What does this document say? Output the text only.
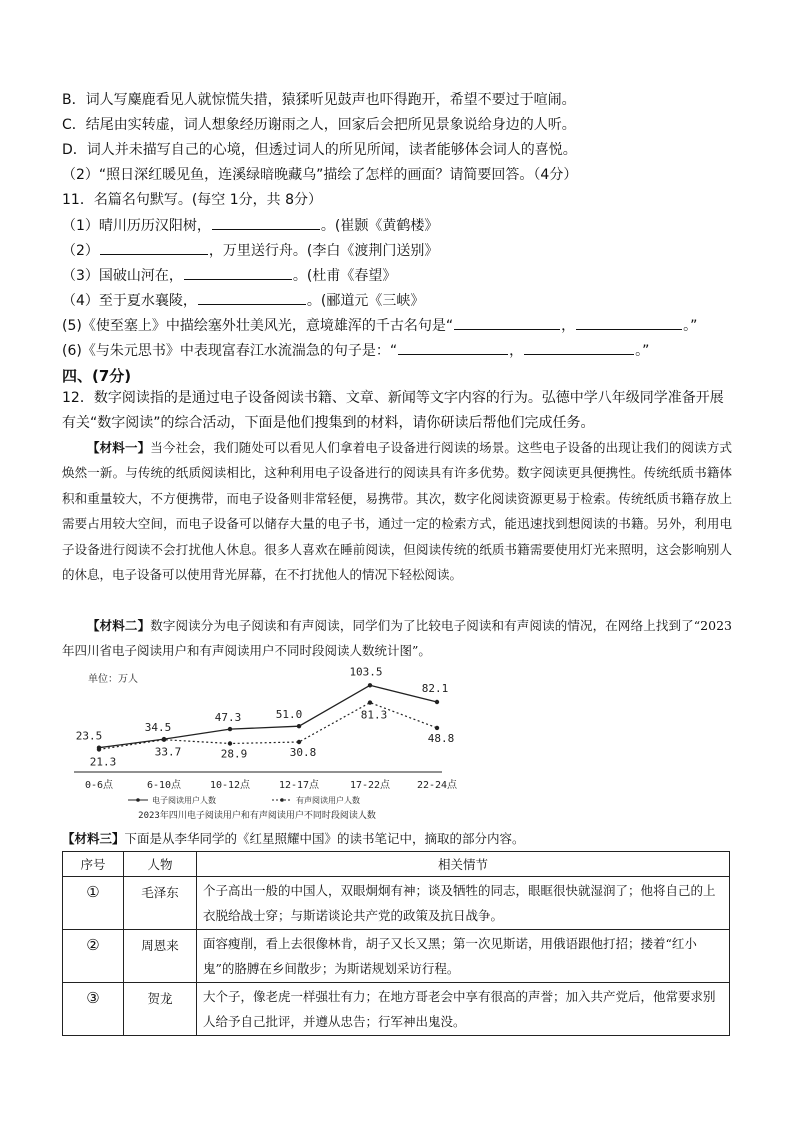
B．词人写麋鹿看见人就惊慌失措，猿猱听见鼓声也吓得跑开，希望不要过于喧闹。
C．结尾由实转虚，词人想象经历谢雨之人，回家后会把所见景象说给身边的人听。
D．词人并未描写自己的心境，但透过词人的所见所闻，读者能够体会词人的喜悦。
（2）“照日深红暖见鱼，连溪绿暗晚藏乌”描绘了怎样的画面？请简要回答。（4分）
11．名篇名句默写。(每空 1分，共 8分）
（1）晴川历历汉阳树，	。(崔颢《黄鹤楼》
（2）	，万里送行舟。(李白《渡荆门送别》
（3）国破山河在，	。(杜甫《春望》
（4）至于夏水襄陵，	。(郦道元《三峡》
(5)《使至塞上》中描绘塞外壮美风光，意境雄浑的千古名句是“	，	。”
(6)《与朱元思书》中表现富春江水流湍急的句子是：“	，	。”
四、(7分)
12．数字阅读指的是通过电子设备阅读书籍、文章、新闻等文字内容的行为。弘德中学八年级同学准备开展
有关“数字阅读”的综合活动，下面是他们搜集到的材料，请你研读后帮他们完成任务。
【材料一】当今社会，我们随处可以看见人们拿着电子设备进行阅读的场景。这些电子设备的出现让我们的阅读方式焕然一新。与传统的纸质阅读相比，这种利用电子设备进行的阅读具有许多优势。数字阅读更具便携性。传统纸质书籍体积和重量较大，不方便携带，而电子设备则非常轻便，易携带。其次，数字化阅读资源更易于检索。传统纸质书籍存放上需要占用较大空间，而电子设备可以储存大量的电子书，通过一定的检索方式，能迅速找到想阅读的书籍。另外，利用电子设备进行阅读不会打扰他人休息。很多人喜欢在睡前阅读，但阅读传统的纸质书籍需要使用灯光来照明，这会影响别人的休息，电子设备可以使用背光屏幕，在不打扰他人的情况下轻松阅读。
【材料二】数字阅读分为电子阅读和有声阅读，同学们为了比较电子阅读和有声阅读的情况，在网络上找到了“2023年四川省电子阅读用户和有声阅读用户不同时段阅读人数统计图”。
单位：万人
0-6点	6-10点	10-12点	12-17点	17-22点	22-24点
23.5
34.5
47.3	51.0
103.5
82.1
21.3
33.7	28.9	30.8
81.3
48.8
电子阅读用户人数	有声阅读用户人数
2023年四川电子阅读用户和有声阅读用户不同时段阅读人数
【材料三】下面是从李华同学的《红星照耀中国》的读书笔记中，摘取的部分内容。
序号	人物	相关情节
①	毛泽东	个子高出一般的中国人，双眼炯炯有神；谈及牺牲的同志，眼眶很快就湿润了；他将自己的上衣脱给战士穿；与斯诺谈论共产党的政策及抗日战争。
②	周恩来	面容瘦削，看上去很像林肯，胡子又长又黑；第一次见斯诺，用俄语跟他打招；搂着“红小鬼”的胳膊在乡间散步；为斯诺规划采访行程。
③	贺龙	大个子，像老虎一样强壮有力；在地方哥老会中享有很高的声誉；加入共产党后，他常要求别人给予自己批评，并遵从忠告；行军神出鬼没。
